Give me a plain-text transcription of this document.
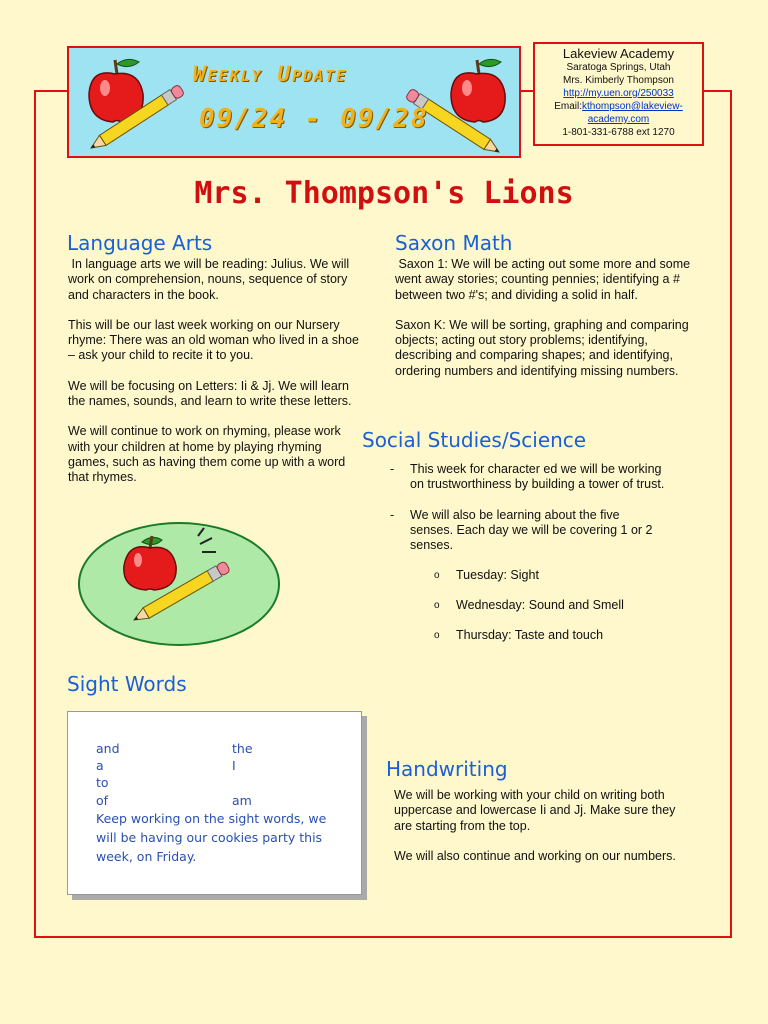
Weekly Update
09/24 - 09/28
Lakeview Academy
Saratoga Springs, Utah
Mrs. Kimberly Thompson
http://my.uen.org/250033
Email:kthompson@lakeview-
academy.com
1-801-331-6788 ext 1270
Mrs. Thompson's Lions
Language Arts

In language arts we will be reading: Julius. We will work on comprehension, nouns, sequence of story and characters in the book.

This will be our last week working on our Nursery rhyme: There was an old woman who lived in a shoe – ask your child to recite it to you.

We will be focusing on Letters: Ii & Jj. We will learn the names, sounds, and learn to write these letters.

We will continue to work on rhyming, please work with your children at home by playing rhyming games, such as having them come up with a word that rhymes.

Saxon Math

Saxon 1: We will be acting out some more and some went away stories; counting pennies; identifying a # between two #'s; and dividing a solid in half.

Saxon K: We will be sorting, graphing and comparing objects; acting out story problems; identifying, describing and comparing shapes; and identifying, ordering numbers and identifying missing numbers.

Social Studies/Science
- This week for character ed we will be working on trustworthiness by building a tower of trust.
- We will also be learning about the five senses. Each day we will be covering 1 or 2 senses.
o Tuesday: Sight
o Wednesday: Sound and Smell
o Thursday: Taste and touch
Sight Words
and	the
a	I
to
of	am
Keep working on the sight words, we will be having our cookies party this week, on Friday.
Handwriting

We will be working with your child on writing both uppercase and lowercase Ii and Jj. Make sure they are starting from the top.

We will also continue and working on our numbers.
